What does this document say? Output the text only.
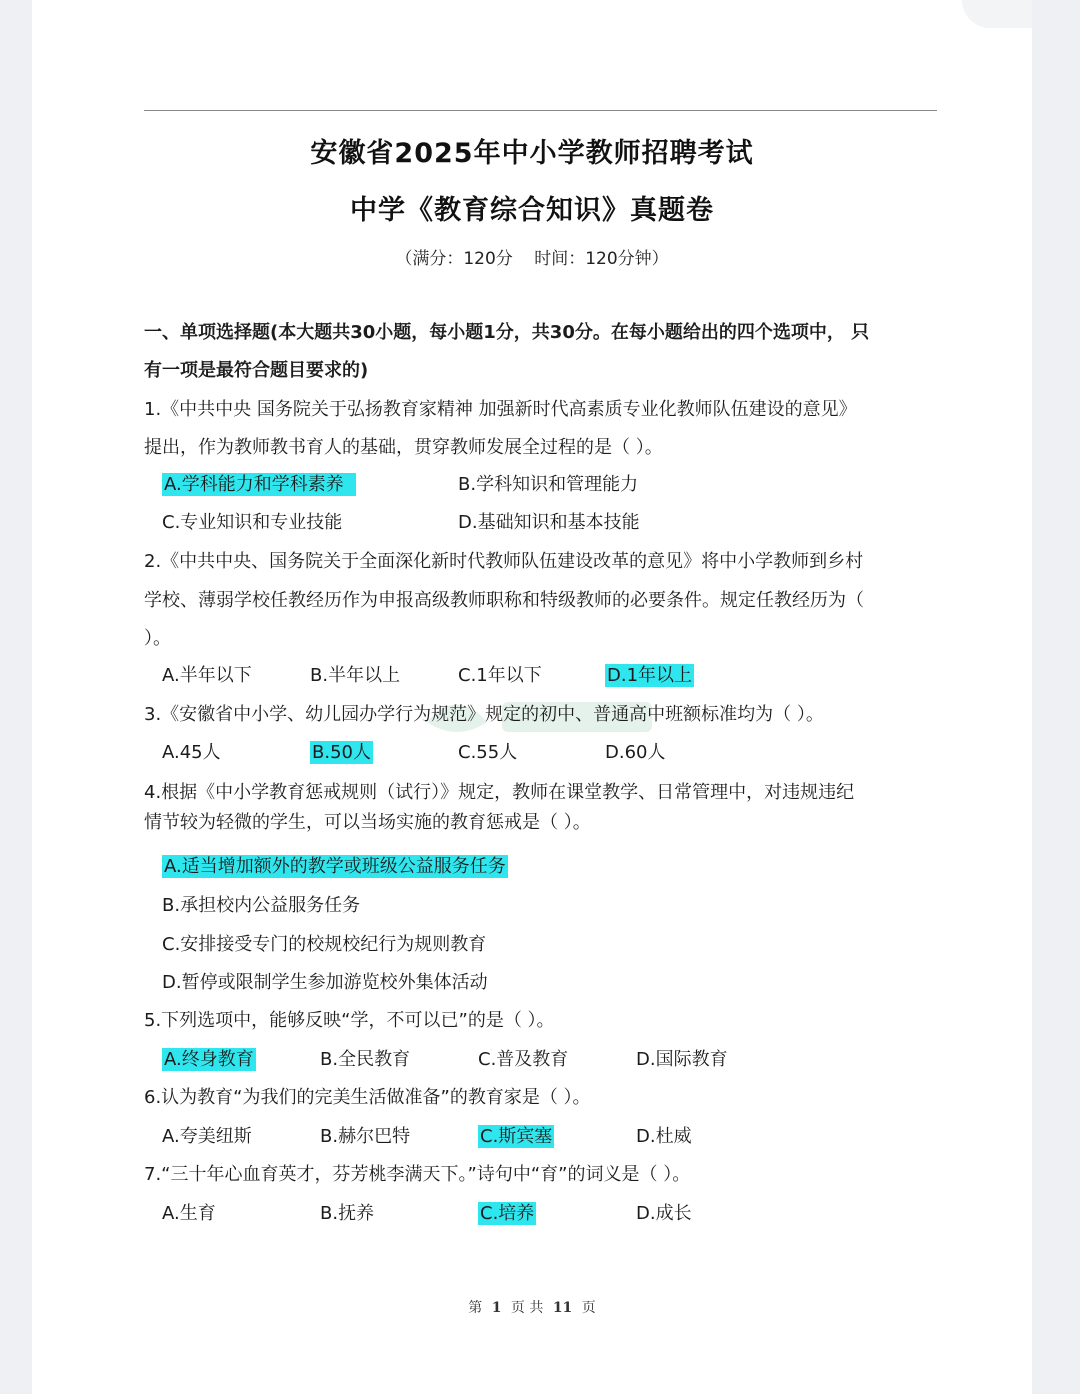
安徽省2025年中小学教师招聘考试
中学《教育综合知识》真题卷
（满分：120分 时间：120分钟）
一、单项选择题(本大题共30小题，每小题1分，共30分。在每小题给出的四个选项中， 只
有一项是最符合题目要求的)
1.《中共中央 国务院关于弘扬教育家精神 加强新时代高素质专业化教师队伍建设的意见》
提出，作为教师教书育人的基础，贯穿教师发展全过程的是（ ）。
A.学科能力和学科素养	B.学科知识和管理能力
C.专业知识和专业技能	D.基础知识和基本技能
2.《中共中央、国务院关于全面深化新时代教师队伍建设改革的意见》将中小学教师到乡村
学校、薄弱学校任教经历作为申报高级教师职称和特级教师的必要条件。规定任教经历为（
）。
A.半年以下	B.半年以上	C.1年以下	D.1年以上
3.《安徽省中小学、幼儿园办学行为规范》规定的初中、普通高中班额标准均为（ ）。
A.45人	B.50人	C.55人	D.60人
4.根据《中小学教育惩戒规则（试行）》规定，教师在课堂教学、日常管理中，对违规违纪
情节较为轻微的学生，可以当场实施的教育惩戒是（ ）。
A.适当增加额外的教学或班级公益服务任务
B.承担校内公益服务任务
C.安排接受专门的校规校纪行为规则教育
D.暂停或限制学生参加游览校外集体活动
5.下列选项中，能够反映“学，不可以已”的是（ ）。
A.终身教育	B.全民教育	C.普及教育	D.国际教育
6.认为教育“为我们的完美生活做准备”的教育家是（ ）。
A.夸美纽斯	B.赫尔巴特	C.斯宾塞	D.杜威
7.“三十年心血育英才，芬芳桃李满天下。”诗句中“育”的词义是（ ）。
A.生育	B.抚养	C.培养	D.成长
第 1 页 共 11 页
